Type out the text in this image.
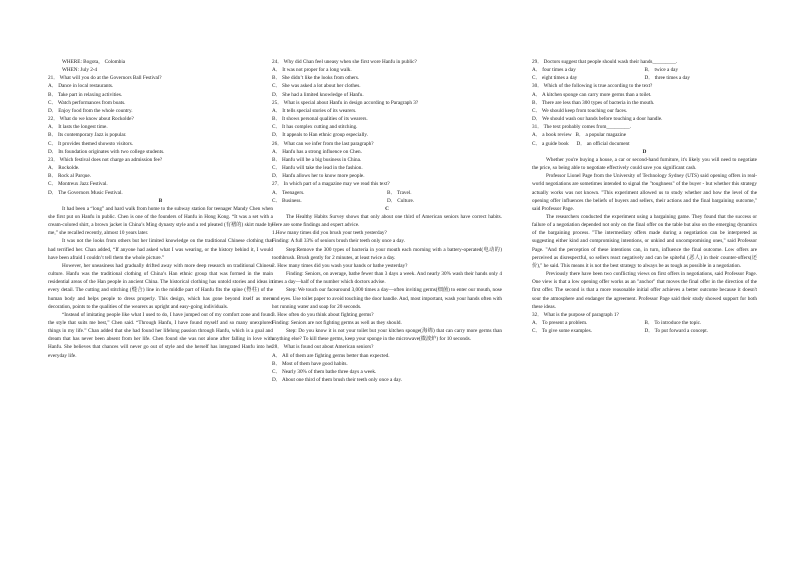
WHERE: Bogota， Colombia
WHEN: July 2-4
21． What will you do at the Governors Ball Festival?
A． Dance in local restaurants.
B． Take part in relaxing activities.
C． Watch performances from boats.
D． Enjoy food from the whole country.
22． What do we know about Rockolde?
A． It lasts the longest time.
B． Its contemporary Jazz is popular.
C． It provides themed showsto visitors.
D． Its foundation originates with two college students.
23． Which festival does not charge an admission fee?
A． Rockolde.
B． Rock al Parque.
C． Montreux Jazz Festival.
D． The Governors Music Festival.
B

It had been a “long” and hard walk from home to the subway station for teenager Mandy Chen when she first put on Hanfu in public. Chen is one of the founders of Hanfu in Hong Kong. “It was a set with a cream-colored shirt, a brown jacket in China’s Ming dynasty style and a red pleated (有褶的) skirt made by me,” she recalled recently, almost 10 years later.

It was not the looks from others but her limited knowledge on the traditional Chinese clothing that had terrified her. Chan added, “If anyone had asked what I was wearing, or the history behind it, I would have been afraid I couldn’t tell them the whole picture.”

However, her uneasiness had gradually drifted away with more deep research on traditional Chinese culture. Hanfu was the traditional clothing of China’s Han ethnic group that was formed in the main residential areas of the Han people in ancient China. The historical clothing has untold stories and ideas in every detail. The cutting and stitching (缝合) line in the middle part of Hanfu fits the spine (脊柱) of the human body and helps people to dress properly. This design, which has gone beyond itself as mere decoration, points to the qualities of the wearers as upright and easy-going individuals.

“Instead of imitating people like what I used to do, I have jumped out of my comfort zone and found the style that suits me best,” Chen said. “Through Hanfu, I have found myself and so many unexplored things in my life.” Chan added that she had found her lifelong passion through Hanfu, which is a goal and dream that has never been absent from her life. Chen found she was not alone after falling in love with Hanfu. She believes that chances will never go out of style and she herself has integrated Hanfu into her everyday life.

24． Why did Chan feel uneasy when she first wore Hanfu in public?
A． It was not proper for a long walk.
B． She didn’t like the looks from others.
C． She was asked a lot about her clothes.
D． She had a limited knowledge of Hanfu.
25． What is special about Hanfu in design according to Paragraph 3?
A． It tells special stories of its wearers.
B． It shows personal qualities of its wearers.
C． It has complex cutting and stitching.
D． It appeals to Han ethnic group especially.
26． What can we infer from the last paragraph?
A． Hanfu has a strong influence on Chen.
B． Hanfu will be a big business in China.
C． Hanfu will take the lead in the fashion.
D． Hanfu allows her to know more people.
27． In which part of a magazine may we read this text?
A． Teenagers.	B． Travel.
C． Business.	D． Culture.
C

The Healthy Habits Survey shows that only about one third of American seniors have correct habits. Here are some findings and expert advice.

1.How many times did you brush your teeth yesterday?

Finding: A full 33% of seniors brush their teeth only once a day.

Step:Remove the 300 types of bacteria in your mouth each morning with a battery-operated(电动的) toothbrush. Brush gently for 2 minutes, at least twice a day.

2. How many times did you wash your hands or bathe yesterday?

Finding: Seniors, on average, bathe fewer than 3 days a week. And nearly 30% wash their hands only 4 times a day—half of the number which doctors advise.

Step: We touch our facearound 3,000 times a day—often inviting germs(细菌) to enter our mouth, nose and eyes. Use toilet paper to avoid touching the door handle. And, most important, wash your hands often with hot running water and soap for 20 seconds.

3. How often do you think about fighting germs?

Finding: Seniors are not fighting germs as well as they should.

Step: Do you know it is not your toilet but your kitchen sponge(海绵) that can carry more germs than anything else? To kill these germs, keep your sponge in the microwave(微波炉) for 10 seconds.

28． What is found out about American seniors?

A． All of them are fighting germs better than expected.

B． Most of them have good habits.

C． Nearly 30% of them bathe three days a week.

D． About one third of them brush their teeth only once a day.

29． Doctors suggest that people should wash their hands_________.
A． four times a day	B． twice a day
C． eight times a day	D． three times a day
30． Which of the following is true according to the text?
A． A kitchen sponge can carry more germs than a toilet.
B． There are less than 300 types of bacteria in the mouth.
C． We should keep from touching our faces.
D． We should wash our hands before touching a door handle.
31． The text probably comes from_________.
A． a book review   B． a popular magazine
C． a guide book      D． an official document
D

Whether you're buying a house, a car or second-hand furniture, it's likely you will need to negotiate the price, so being able to negotiate effectively could save you significant cash.

Professor Lionel Page from the University of Technology Sydney (UTS) said opening offers in real-world negotiations are sometimes intended to signal the "toughness" of the buyer - but whether this strategy actually works was not known. "This experiment allowed us to study whether and how the level of the opening offer influences the beliefs of buyers and sellers, their actions and the final bargaining outcome," said Professor Page.

The researchers conducted the experiment using a bargaining game. They found that the success or failure of a negotiation depended not only on the final offer on the table but also on the emerging dynamics of the bargaining process. "The intermediary offers made during a negotiation can be interpreted as suggesting either kind and compromising intentions, or unkind and uncompromising ones," said Professor Page. "And the perception of these intentions can, in turn, influence the final outcome. Low offers are perceived as disrespectful, so sellers react negatively and can be spiteful (恶人) in their counter-offers(还价)," he said. This means it is not the best strategy to always be as tough as possible in a negotiation.

Previously there have been two conflicting views on first offers in negotiations, said Professor Page. One view is that a low opening offer works as an "anchor" that moves the final offer in the direction of the first offer. The second is that a more reasonable initial offer achieves a better outcome because it doesn't sour the atmosphere and endanger the agreement. Professor Page said their study showed support for both these ideas.

32． What is the purpose of paragraph 1?
A． To present a problem.	B． To introduce the topic.
C． To give some examples.	D． To put forward a concept.
